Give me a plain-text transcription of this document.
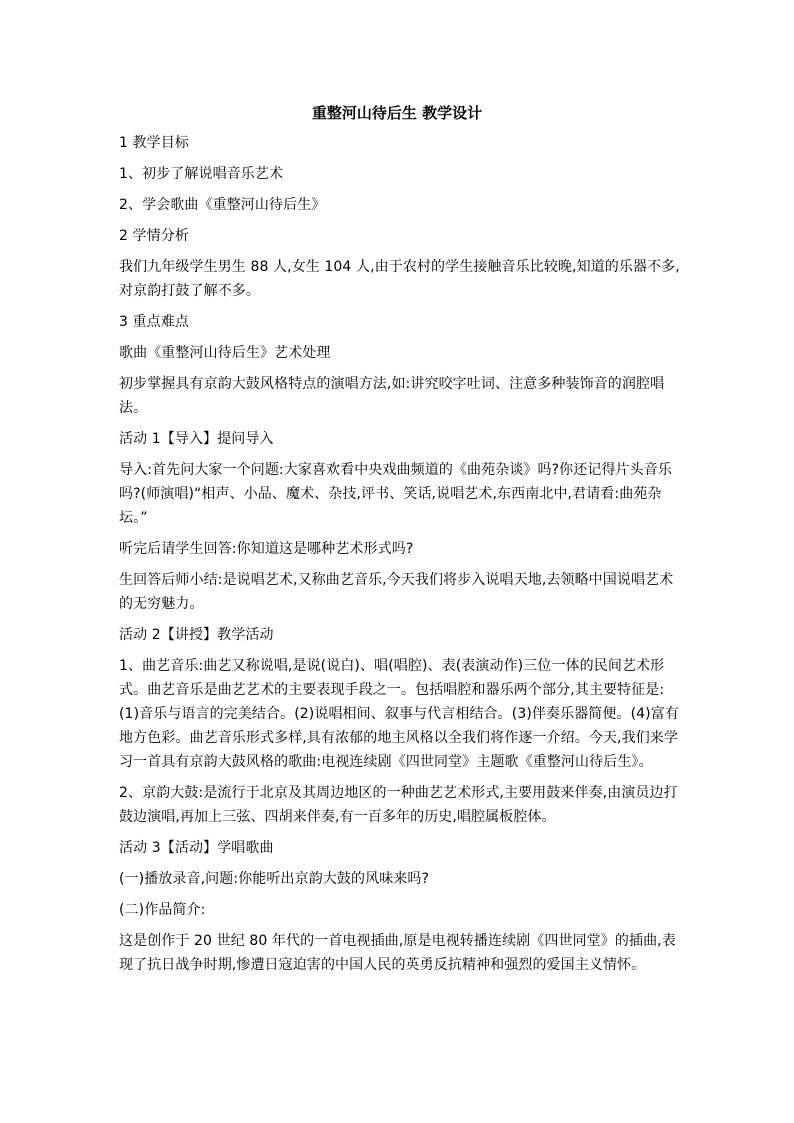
重整河山待后生 教学设计

1 教学目标

1、初步了解说唱音乐艺术

2、学会歌曲《重整河山待后生》

2 学情分析

我们九年级学生男生 88 人,女生 104 人,由于农村的学生接触音乐比较晚,知道的乐器不多,对京韵打鼓了解不多。

3 重点难点

歌曲《重整河山待后生》艺术处理

初步掌握具有京韵大鼓风格特点的演唱方法,如:讲究咬字吐词、注意多种装饰音的润腔唱法。

活动 1【导入】提问导入

导入:首先问大家一个问题:大家喜欢看中央戏曲频道的《曲苑杂谈》吗?你还记得片头音乐吗?(师演唱)“相声、小品、魔术、杂技,评书、笑话,说唱艺术,东西南北中,君请看:曲苑杂坛。”

听完后请学生回答:你知道这是哪种艺术形式吗?

生回答后师小结:是说唱艺术,又称曲艺音乐,今天我们将步入说唱天地,去领略中国说唱艺术的无穷魅力。

活动 2【讲授】教学活动

1、曲艺音乐:曲艺又称说唱,是说(说白)、唱(唱腔)、表(表演动作)三位一体的民间艺术形式。曲艺音乐是曲艺艺术的主要表现手段之一。包括唱腔和器乐两个部分,其主要特征是:(1)音乐与语言的完美结合。(2)说唱相间、叙事与代言相结合。(3)伴奏乐器简便。(4)富有地方色彩。曲艺音乐形式多样,具有浓郁的地主风格以全我们将作逐一介绍。今天,我们来学习一首具有京韵大鼓风格的歌曲:电视连续剧《四世同堂》主题歌《重整河山待后生》。

2、京韵大鼓:是流行于北京及其周边地区的一种曲艺艺术形式,主要用鼓来伴奏,由演员边打鼓边演唱,再加上三弦、四胡来伴奏,有一百多年的历史,唱腔属板腔体。

活动 3【活动】学唱歌曲

(一)播放录音,问题:你能听出京韵大鼓的风味来吗?

(二)作品简介:

这是创作于 20 世纪 80 年代的一首电视插曲,原是电视转播连续剧《四世同堂》的插曲,表现了抗日战争时期,惨遭日寇迫害的中国人民的英勇反抗精神和强烈的爱国主义情怀。
